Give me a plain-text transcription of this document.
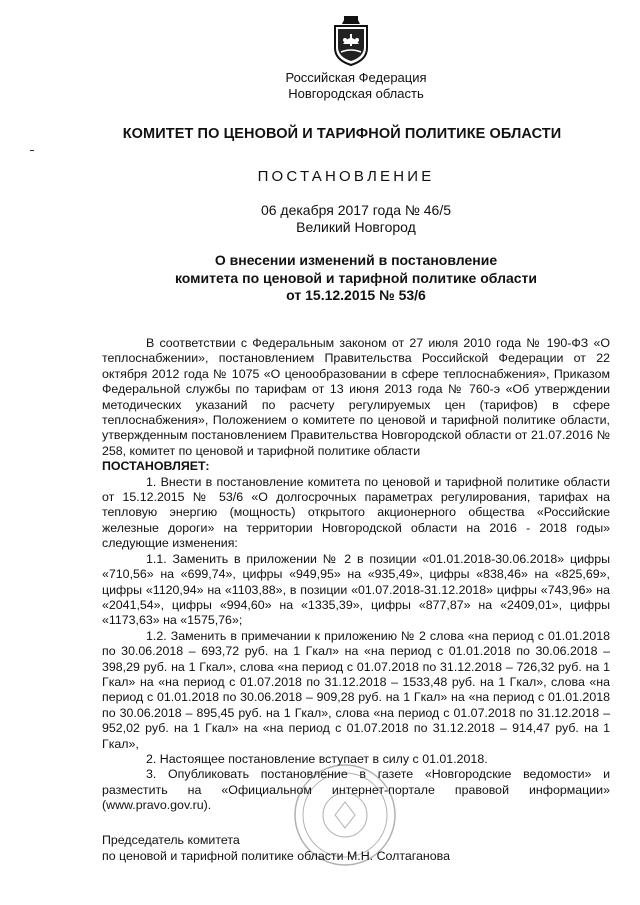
Российская Федерация
Новгородская область
КОМИТЕТ ПО ЦЕНОВОЙ И ТАРИФНОЙ ПОЛИТИКЕ ОБЛАСТИ
ПОСТАНОВЛЕНИЕ
06 декабря 2017 года № 46/5
Великий Новгород
О внесении изменений в постановление
комитета по ценовой и тарифной политике области
от 15.12.2015 № 53/6

В соответствии с Федеральным законом от 27 июля 2010 года № 190-ФЗ «О теплоснабжении», постановлением Правительства Российской Федерации от 22 октября 2012 года № 1075 «О ценообразовании в сфере теплоснабжения», Приказом Федеральной службы по тарифам от 13 июня 2013 года № 760-э «Об утверждении методических указаний по расчету регулируемых цен (тарифов) в сфере теплоснабжения», Положением о комитете по ценовой и тарифной политике области, утвержденным постановлением Правительства Новгородской области от 21.07.2016 № 258, комитет по ценовой и тарифной политике области

ПОСТАНОВЛЯЕТ:

1. Внести в постановление комитета по ценовой и тарифной политике области от 15.12.2015 № 53/6 «О долгосрочных параметрах регулирования, тарифах на тепловую энергию (мощность) открытого акционерного общества «Российские железные дороги» на территории Новгородской области на 2016 - 2018 годы» следующие изменения:

1.1. Заменить в приложении № 2 в позиции «01.01.2018-30.06.2018» цифры «710,56» на «699,74», цифры «949,95» на «935,49», цифры «838,46» на «825,69», цифры «1120,94» на «1103,88», в позиции «01.07.2018-31.12.2018» цифры «743,96» на «2041,54», цифры «994,60» на «1335,39», цифры «877,87» на «2409,01», цифры «1173,63» на «1575,76»;

1.2. Заменить в примечании к приложению № 2 слова «на период с 01.01.2018 по 30.06.2018 – 693,72 руб. на 1 Гкал» на «на период с 01.01.2018 по 30.06.2018 – 398,29 руб. на 1 Гкал», слова «на период с 01.07.2018 по 31.12.2018 – 726,32 руб. на 1 Гкал» на «на период с 01.07.2018 по 31.12.2018 – 1533,48 руб. на 1 Гкал», слова «на период с 01.01.2018 по 30.06.2018 – 909,28 руб. на 1 Гкал» на «на период с 01.01.2018 по 30.06.2018 – 895,45 руб. на 1 Гкал», слова «на период с 01.07.2018 по 31.12.2018 – 952,02 руб. на 1 Гкал» на «на период с 01.07.2018 по 31.12.2018 – 914,47 руб. на 1 Гкал»,

2. Настоящее постановление вступает в силу с 01.01.2018.

3. Опубликовать постановление в газете «Новгородские ведомости» и разместить на «Официальном интернет-портале правовой информации» (www.pravo.gov.ru).

Председатель комитета
по ценовой и тарифной политике области М.Н. Солтаганова
